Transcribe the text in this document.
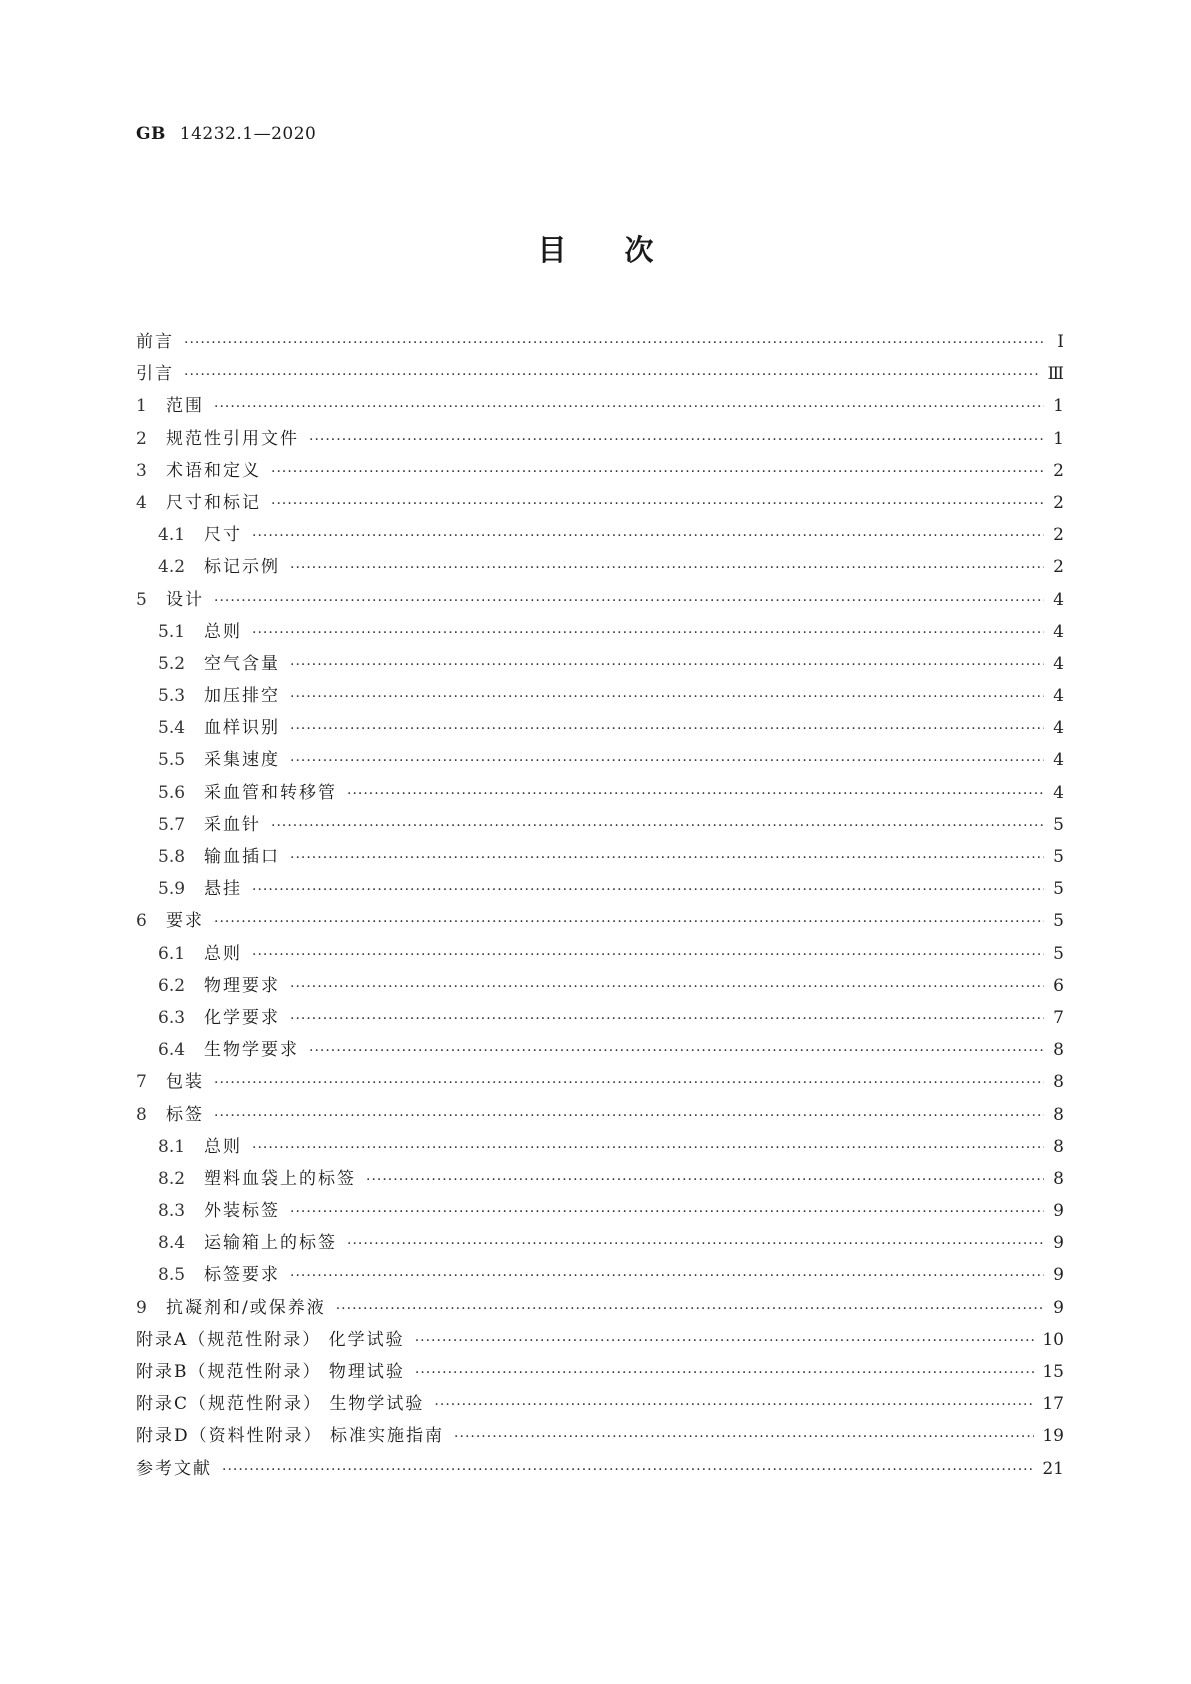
GB 14232.1—2020
目次
前言 ·····	Ⅰ
引言 ·····	Ⅲ
1	范围 ·····	1
2	规范性引用文件 ·····	1
3	术语和定义 ·····	2
4	尺寸和标记 ·····	2
4.1	尺寸 ·····	2
4.2	标记示例 ·····	2
5	设计 ·····	4
5.1	总则 ·····	4
5.2	空气含量 ·····	4
5.3	加压排空 ·····	4
5.4	血样识别 ·····	4
5.5	采集速度 ·····	4
5.6	采血管和转移管 ·····	4
5.7	采血针 ·····	5
5.8	输血插口 ·····	5
5.9	悬挂 ·····	5
6	要求 ·····	5
6.1	总则 ·····	5
6.2	物理要求 ·····	6
6.3	化学要求 ·····	7
6.4	生物学要求 ·····	8
7	包装 ·····	8
8	标签 ·····	8
8.1	总则 ·····	8
8.2	塑料血袋上的标签 ·····	8
8.3	外装标签 ·····	9
8.4	运输箱上的标签 ·····	9
8.5	标签要求 ·····	9
9	抗凝剂和/或保养液 ·····	9
附录A（规范性附录） 化学试验 ·····	10
附录B（规范性附录） 物理试验 ·····	15
附录C（规范性附录） 生物学试验 ·····	17
附录D（资料性附录） 标准实施指南 ·····	19
参考文献 ·····	21
